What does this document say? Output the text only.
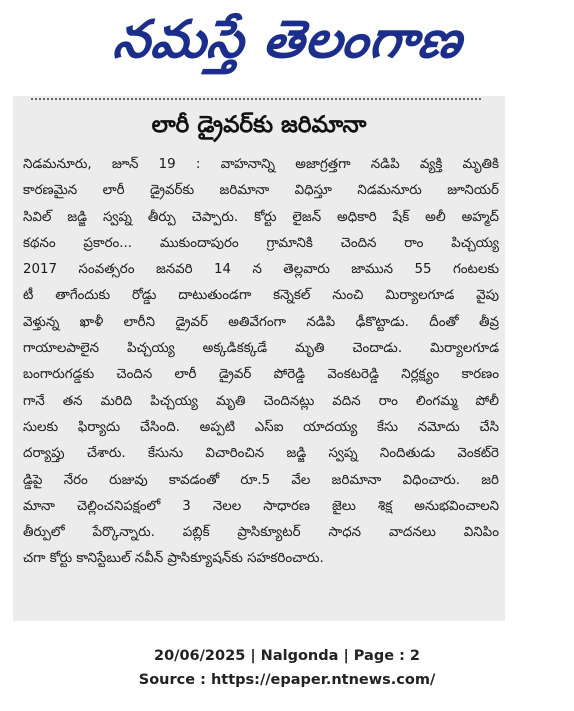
నమస్తే తెలంగాణ
లారీ డ్రైవర్‌కు జరిమానా
నిడమనూరు, జూన్ 19 : వాహనాన్ని అజాగ్రత్తగా నడిపి వ్యక్తి మృతికి
కారణమైన లారీ డ్రైవర్‌కు జరిమానా విధిస్తూ నిడమనూరు జూనియర్
సివిల్ జడ్జి స్వప్న తీర్పు చెప్పారు. కోర్టు లైజన్ అధికారి షేక్ అలీ అహ్మద్
కథనం ప్రకారం... ముకుందాపురం గ్రామానికి చెందిన రాం పిచ్చయ్య
2017 సంవత్సరం జనవరి 14 న తెల్లవారు జామున 55 గంటలకు
టీ తాగేందుకు రోడ్డు దాటుతుండగా కన్నెకల్ నుంచి మిర్యాలగూడ వైపు
వెళ్తున్న ఖాళీ లారీని డ్రైవర్ అతివేగంగా నడిపి ఢీకొట్టాడు. దీంతో తీవ్ర
గాయాలపాలైన పిచ్చయ్య అక్కడికక్కడే మృతి చెందాడు. మిర్యాలగూడ
బంగారుగడ్డకు చెందిన లారీ డ్రైవర్ పోరెడ్డి వెంకటరెడ్డి నిర్లక్ష్యం కారణం
గానే తన మరిది పిచ్చయ్య మృతి చెందినట్లు వదిన రాం లింగమ్మ పోలీ
సులకు ఫిర్యాదు చేసింది. అప్పటి ఎస్ఐ యాదయ్య కేసు నమోదు చేసి
దర్యాప్తు చేశారు. కేసును విచారించిన జడ్జి స్వప్న నిందితుడు వెంకట్‌రె
డ్డిపై నేరం రుజువు కావడంతో రూ.5 వేల జరిమానా విధించారు. జరి
మానా చెల్లించనిపక్షంలో 3 నెలల సాధారణ జైలు శిక్ష అనుభవించాలని
తీర్పులో పేర్కొన్నారు. పబ్లిక్ ప్రాసిక్యూటర్ సాధన వాదనలు వినిపిం
చగా కోర్టు కానిస్టేబుల్ నవీన్ ప్రాసిక్యూషన్‌కు సహకరించారు.
20/06/2025 | Nalgonda | Page : 2
Source : https://epaper.ntnews.com/
